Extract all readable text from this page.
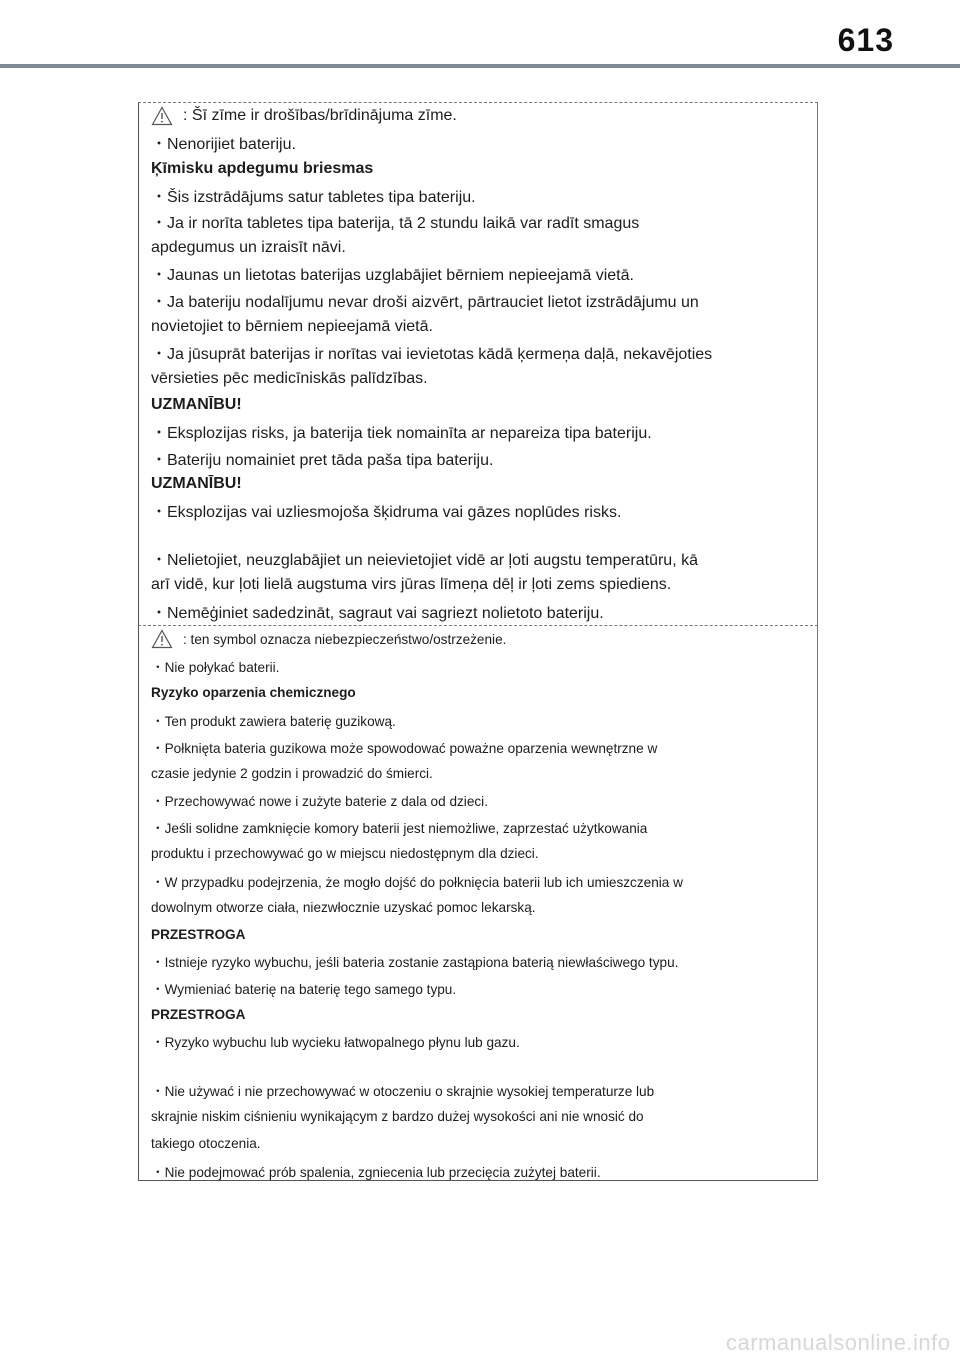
613
: Šī zīme ir drošības/brīdinājuma zīme.
・Nenorijiet bateriju.
Ķīmisku apdegumu briesmas
・Šis izstrādājums satur tabletes tipa bateriju.
・Ja ir norīta tabletes tipa baterija, tā 2 stundu laikā var radīt smagus
apdegumus un izraisīt nāvi.
・Jaunas un lietotas baterijas uzglabājiet bērniem nepieejamā vietā.
・Ja bateriju nodalījumu nevar droši aizvērt, pārtrauciet lietot izstrādājumu un
novietojiet to bērniem nepieejamā vietā.
・Ja jūsuprāt baterijas ir norītas vai ievietotas kādā ķermeņa daļā, nekavējoties
vērsieties pēc medicīniskās palīdzības.
UZMANĪBU!
・Eksplozijas risks, ja baterija tiek nomainīta ar nepareiza tipa bateriju.
・Bateriju nomainiet pret tāda paša tipa bateriju.
UZMANĪBU!
・Eksplozijas vai uzliesmojoša šķidruma vai gāzes noplūdes risks.
・Nelietojiet, neuzglabājiet un neievietojiet vidē ar ļoti augstu temperatūru, kā
arī vidē, kur ļoti lielā augstuma virs jūras līmeņa dēļ ir ļoti zems spiediens.
・Nemēģiniet sadedzināt, sagraut vai sagriezt nolietoto bateriju.
: ten symbol oznacza niebezpieczeństwo/ostrzeżenie.
・Nie połykać baterii.
Ryzyko oparzenia chemicznego
・Ten produkt zawiera baterię guzikową.
・Połknięta bateria guzikowa może spowodować poważne oparzenia wewnętrzne w
czasie jedynie 2 godzin i prowadzić do śmierci.
・Przechowywać nowe i zużyte baterie z dala od dzieci.
・Jeśli solidne zamknięcie komory baterii jest niemożliwe, zaprzestać użytkowania
produktu i przechowywać go w miejscu niedostępnym dla dzieci.
・W przypadku podejrzenia, że mogło dojść do połknięcia baterii lub ich umieszczenia w
dowolnym otworze ciała, niezwłocznie uzyskać pomoc lekarską.
PRZESTROGA
・Istnieje ryzyko wybuchu, jeśli bateria zostanie zastąpiona baterią niewłaściwego typu.
・Wymieniać baterię na baterię tego samego typu.
PRZESTROGA
・Ryzyko wybuchu lub wycieku łatwopalnego płynu lub gazu.
・Nie używać i nie przechowywać w otoczeniu o skrajnie wysokiej temperaturze lub
skrajnie niskim ciśnieniu wynikającym z bardzo dużej wysokości ani nie wnosić do
takiego otoczenia.
・Nie podejmować prób spalenia, zgniecenia lub przecięcia zużytej baterii.
carmanualsonline.info
